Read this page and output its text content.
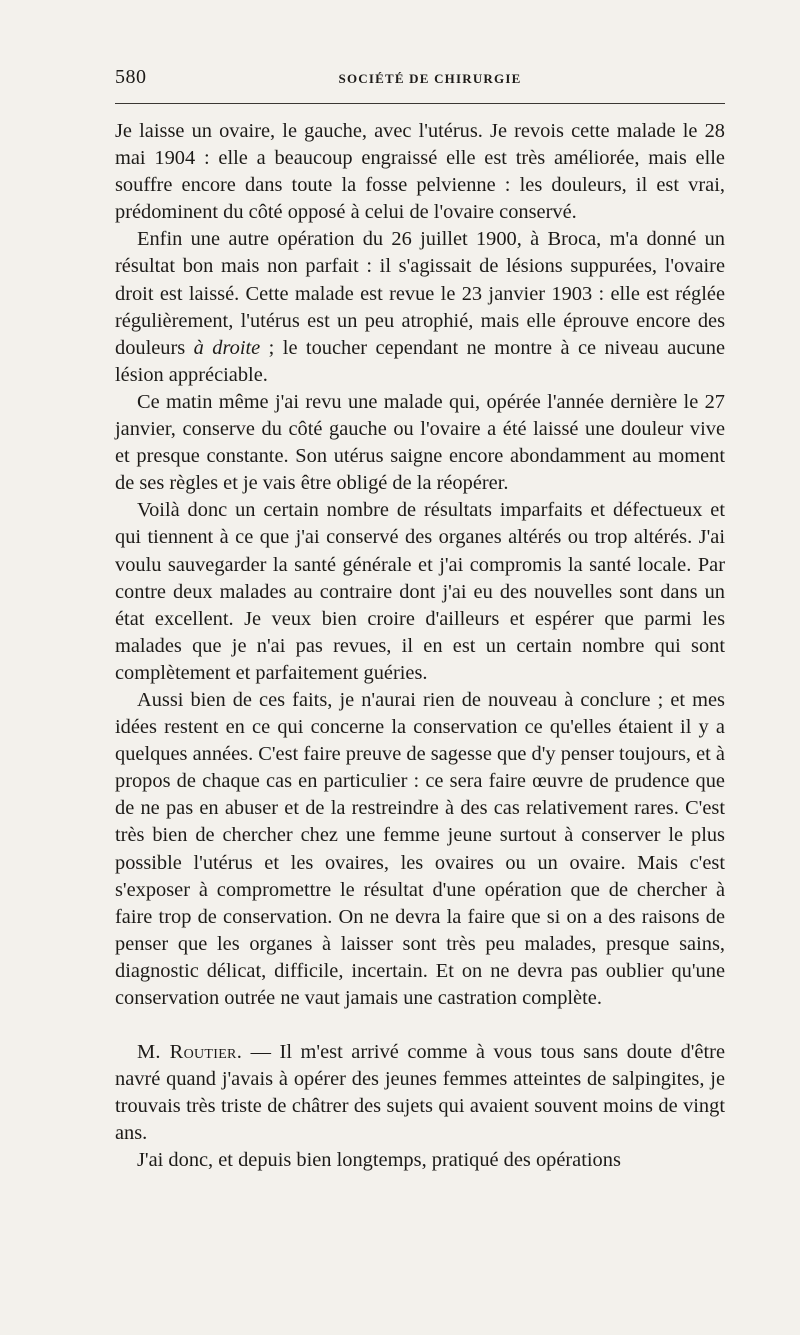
580	SOCIÉTÉ DE CHIRURGIE

Je laisse un ovaire, le gauche, avec l'utérus. Je revois cette malade le 28 mai 1904 : elle a beaucoup engraissé elle est très améliorée, mais elle souffre encore dans toute la fosse pelvienne : les douleurs, il est vrai, prédominent du côté opposé à celui de l'ovaire conservé.

Enfin une autre opération du 26 juillet 1900, à Broca, m'a donné un résultat bon mais non parfait : il s'agissait de lésions suppurées, l'ovaire droit est laissé. Cette malade est revue le 23 janvier 1903 : elle est réglée régulièrement, l'utérus est un peu atrophié, mais elle éprouve encore des douleurs à droite ; le toucher cependant ne montre à ce niveau aucune lésion appréciable.

Ce matin même j'ai revu une malade qui, opérée l'année dernière le 27 janvier, conserve du côté gauche ou l'ovaire a été laissé une douleur vive et presque constante. Son utérus saigne encore abondamment au moment de ses règles et je vais être obligé de la réopérer.

Voilà donc un certain nombre de résultats imparfaits et défectueux et qui tiennent à ce que j'ai conservé des organes altérés ou trop altérés. J'ai voulu sauvegarder la santé générale et j'ai compromis la santé locale. Par contre deux malades au contraire dont j'ai eu des nouvelles sont dans un état excellent. Je veux bien croire d'ailleurs et espérer que parmi les malades que je n'ai pas revues, il en est un certain nombre qui sont complètement et parfaitement guéries.

Aussi bien de ces faits, je n'aurai rien de nouveau à conclure ; et mes idées restent en ce qui concerne la conservation ce qu'elles étaient il y a quelques années. C'est faire preuve de sagesse que d'y penser toujours, et à propos de chaque cas en particulier : ce sera faire œuvre de prudence que de ne pas en abuser et de la restreindre à des cas relativement rares. C'est très bien de chercher chez une femme jeune surtout à conserver le plus possible l'utérus et les ovaires, les ovaires ou un ovaire. Mais c'est s'exposer à compromettre le résultat d'une opération que de chercher à faire trop de conservation. On ne devra la faire que si on a des raisons de penser que les organes à laisser sont très peu malades, presque sains, diagnostic délicat, difficile, incertain. Et on ne devra pas oublier qu'une conservation outrée ne vaut jamais une castration complète.

M. Routier. — Il m'est arrivé comme à vous tous sans doute d'être navré quand j'avais à opérer des jeunes femmes atteintes de salpingites, je trouvais très triste de châtrer des sujets qui avaient souvent moins de vingt ans.

J'ai donc, et depuis bien longtemps, pratiqué des opérations
